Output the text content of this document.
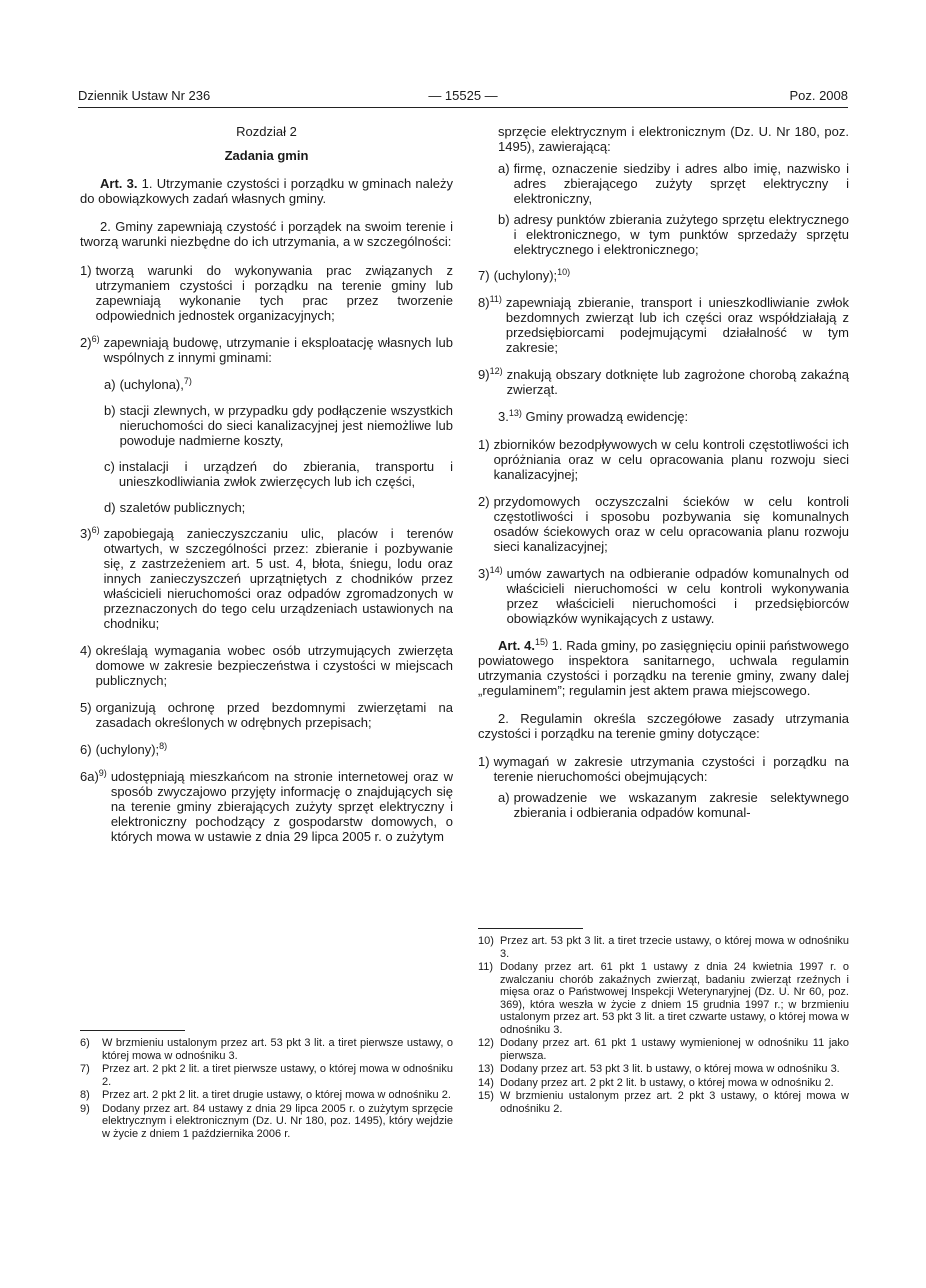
Dziennik Ustaw Nr 236	— 15525 —	Poz. 2008

Rozdział 2

Zadania gmin

Art. 3. 1. Utrzymanie czystości i porządku w gminach należy do obowiązkowych zadań własnych gminy.

2. Gminy zapewniają czystość i porządek na swoim terenie i tworzą warunki niezbędne do ich utrzymania, a w szczególności:

1) tworzą warunki do wykonywania prac związanych z utrzymaniem czystości i porządku na terenie gminy lub zapewniają wykonanie tych prac przez tworzenie odpowiednich jednostek organizacyjnych;
2)$^{6)}$ zapewniają budowę, utrzymanie i eksploatację własnych lub wspólnych z innymi gminami:
a) (uchylona),$^{7)}$
b) stacji zlewnych, w przypadku gdy podłączenie wszystkich nieruchomości do sieci kanalizacyjnej jest niemożliwe lub powoduje nadmierne koszty,
c) instalacji i urządzeń do zbierania, transportu i unieszkodliwiania zwłok zwierzęcych lub ich części,
d) szaletów publicznych;
3)$^{6)}$ zapobiegają zanieczyszczaniu ulic, placów i terenów otwartych, w szczególności przez: zbieranie i pozbywanie się, z zastrzeżeniem art. 5 ust. 4, błota, śniegu, lodu oraz innych zanieczyszczeń uprzątniętych z chodników przez właścicieli nieruchomości oraz odpadów zgromadzonych w przeznaczonych do tego celu urządzeniach ustawionych na chodniku;
4) określają wymagania wobec osób utrzymujących zwierzęta domowe w zakresie bezpieczeństwa i czystości w miejscach publicznych;
5) organizują ochronę przed bezdomnymi zwierzętami na zasadach określonych w odrębnych przepisach;
6) (uchylony);$^{8)}$
6a)$^{9)}$ udostępniają mieszkańcom na stronie internetowej oraz w sposób zwyczajowo przyjęty informację o znajdujących się na terenie gminy zbierających zużyty sprzęt elektryczny i elektroniczny pochodzący z gospodarstw domowych, o których mowa w ustawie z dnia 29 lipca 2005 r. o zużytym
6)	W brzmieniu ustalonym przez art. 53 pkt 3 lit. a tiret pierwsze ustawy, o której mowa w odnośniku 3.
7)	Przez art. 2 pkt 2 lit. a tiret pierwsze ustawy, o której mowa w odnośniku 2.
8)	Przez art. 2 pkt 2 lit. a tiret drugie ustawy, o której mowa w odnośniku 2.
9)	Dodany przez art. 84 ustawy z dnia 29 lipca 2005 r. o zużytym sprzęcie elektrycznym i elektronicznym (Dz. U. Nr 180, poz. 1495), który wejdzie w życie z dniem 1 października 2006 r.

sprzęcie elektrycznym i elektronicznym (Dz. U. Nr 180, poz. 1495), zawierającą:

a) firmę, oznaczenie siedziby i adres albo imię, nazwisko i adres zbierającego zużyty sprzęt elektryczny i elektroniczny,
b) adresy punktów zbierania zużytego sprzętu elektrycznego i elektronicznego, w tym punktów sprzedaży sprzętu elektrycznego i elektronicznego;
7) (uchylony);$^{10)}$
8)$^{11)}$ zapewniają zbieranie, transport i unieszkodliwianie zwłok bezdomnych zwierząt lub ich części oraz współdziałają z przedsiębiorcami podejmującymi działalność w tym zakresie;
9)$^{12)}$ znakują obszary dotknięte lub zagrożone chorobą zakaźną zwierząt.

3.$^{13)}$ Gminy prowadzą ewidencję:

1) zbiorników bezodpływowych w celu kontroli częstotliwości ich opróżniania oraz w celu opracowania planu rozwoju sieci kanalizacyjnej;
2) przydomowych oczyszczalni ścieków w celu kontroli częstotliwości i sposobu pozbywania się komunalnych osadów ściekowych oraz w celu opracowania planu rozwoju sieci kanalizacyjnej;
3)$^{14)}$ umów zawartych na odbieranie odpadów komunalnych od właścicieli nieruchomości w celu kontroli wykonywania przez właścicieli nieruchomości i przedsiębiorców obowiązków wynikających z ustawy.

Art. 4.$^{15)}$ 1. Rada gminy, po zasięgnięciu opinii państwowego powiatowego inspektora sanitarnego, uchwala regulamin utrzymania czystości i porządku na terenie gminy, zwany dalej „regulaminem”; regulamin jest aktem prawa miejscowego.

2. Regulamin określa szczegółowe zasady utrzymania czystości i porządku na terenie gminy dotyczące:

1) wymagań w zakresie utrzymania czystości i porządku na terenie nieruchomości obejmujących:
a) prowadzenie we wskazanym zakresie selektywnego zbierania i odbierania odpadów komunal-
10) Przez art. 53 pkt 3 lit. a tiret trzecie ustawy, o której mowa w odnośniku 3.
11) Dodany przez art. 61 pkt 1 ustawy z dnia 24 kwietnia 1997 r. o zwalczaniu chorób zakaźnych zwierząt, badaniu zwierząt rzeźnych i mięsa oraz o Państwowej Inspekcji Weterynaryjnej (Dz. U. Nr 60, poz. 369), która weszła w życie z dniem 15 grudnia 1997 r.; w brzmieniu ustalonym przez art. 53 pkt 3 lit. a tiret czwarte ustawy, o której mowa w odnośniku 3.
12) Dodany przez art. 61 pkt 1 ustawy wymienionej w odnośniku 11 jako pierwsza.
13) Dodany przez art. 53 pkt 3 lit. b ustawy, o której mowa w odnośniku 3.
14) Dodany przez art. 2 pkt 2 lit. b ustawy, o której mowa w odnośniku 2.
15) W brzmieniu ustalonym przez art. 2 pkt 3 ustawy, o której mowa w odnośniku 2.
